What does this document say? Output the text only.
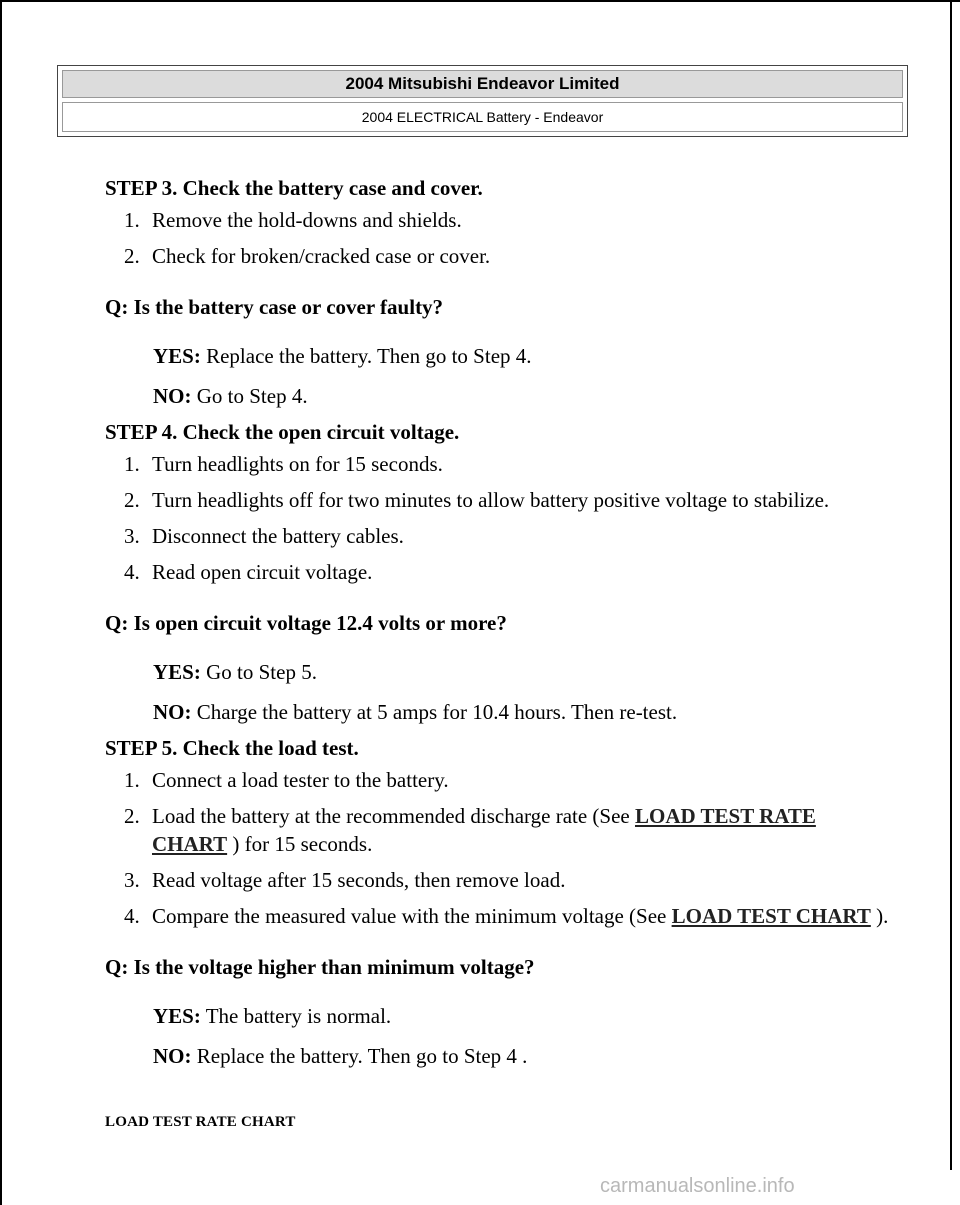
2004 Mitsubishi Endeavor Limited
2004 ELECTRICAL Battery - Endeavor

STEP 3. Check the battery case and cover.

1. Remove the hold-downs and shields.
2. Check for broken/cracked case or cover.

Q: Is the battery case or cover faulty?

YES: Replace the battery. Then go to Step 4.

NO: Go to Step 4.

STEP 4. Check the open circuit voltage.

1. Turn headlights on for 15 seconds.
2. Turn headlights off for two minutes to allow battery positive voltage to stabilize.
3. Disconnect the battery cables.
4. Read open circuit voltage.

Q: Is open circuit voltage 12.4 volts or more?

YES: Go to Step 5.

NO: Charge the battery at 5 amps for 10.4 hours. Then re-test.

STEP 5. Check the load test.

1. Connect a load tester to the battery.
2. Load the battery at the recommended discharge rate (See LOAD TEST RATE CHART ) for 15 seconds.
3. Read voltage after 15 seconds, then remove load.
4. Compare the measured value with the minimum voltage (See LOAD TEST CHART ).

Q: Is the voltage higher than minimum voltage?

YES: The battery is normal.

NO: Replace the battery. Then go to Step 4 .

LOAD TEST RATE CHART
carmanualsonline.info
